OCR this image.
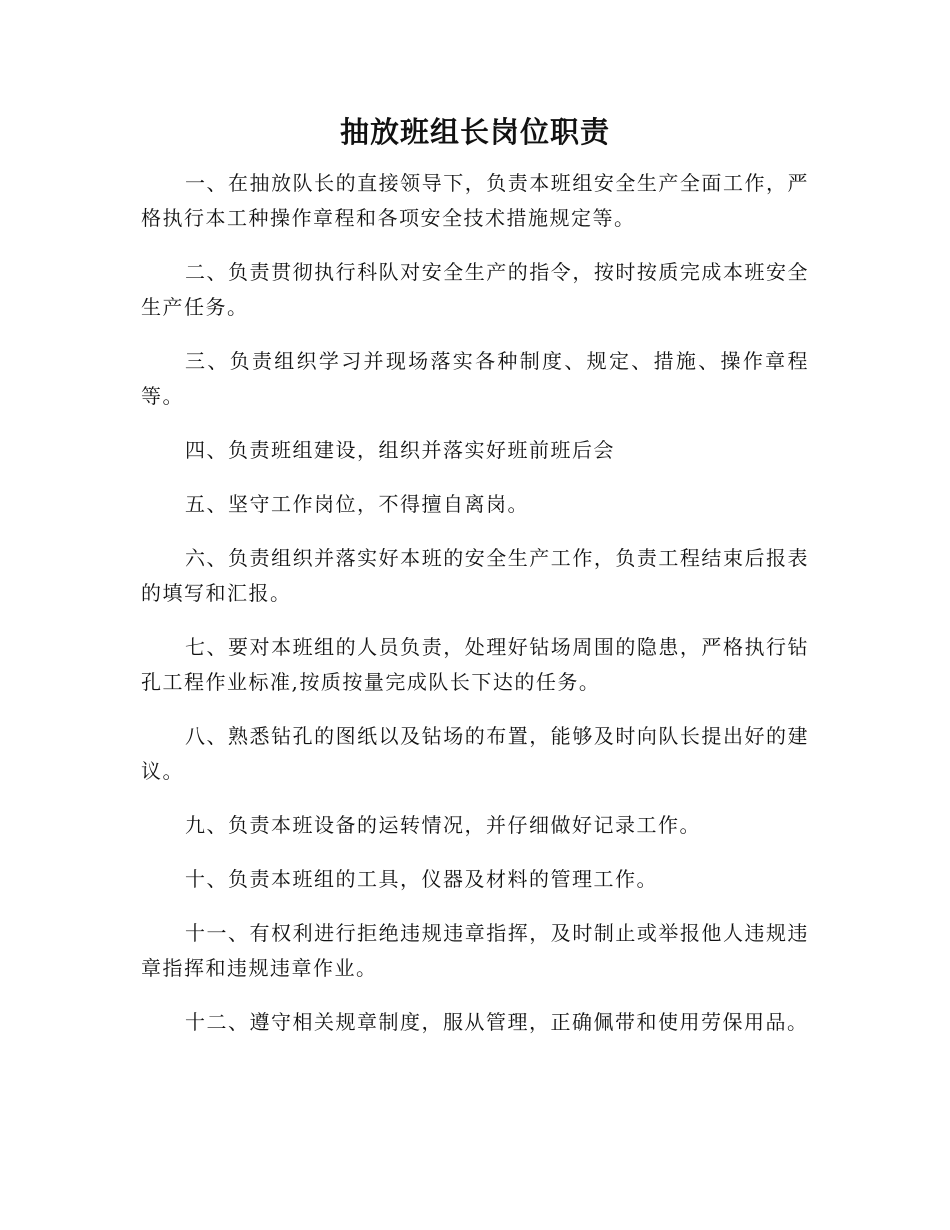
抽放班组长岗位职责

一、在抽放队长的直接领导下，负责本班组安全生产全面工作，严格执行本工种操作章程和各项安全技术措施规定等。

二、负责贯彻执行科队对安全生产的指令，按时按质完成本班安全生产任务。

三、负责组织学习并现场落实各种制度、规定、措施、操作章程等。

四、负责班组建设，组织并落实好班前班后会

五、坚守工作岗位，不得擅自离岗。

六、负责组织并落实好本班的安全生产工作，负责工程结束后报表的填写和汇报。

七、要对本班组的人员负责，处理好钻场周围的隐患，严格执行钻孔工程作业标准,按质按量完成队长下达的任务。

八、熟悉钻孔的图纸以及钻场的布置，能够及时向队长提出好的建议。

九、负责本班设备的运转情况，并仔细做好记录工作。

十、负责本班组的工具，仪器及材料的管理工作。

十一、有权利进行拒绝违规违章指挥，及时制止或举报他人违规违章指挥和违规违章作业。

十二、遵守相关规章制度，服从管理，正确佩带和使用劳保用品。
